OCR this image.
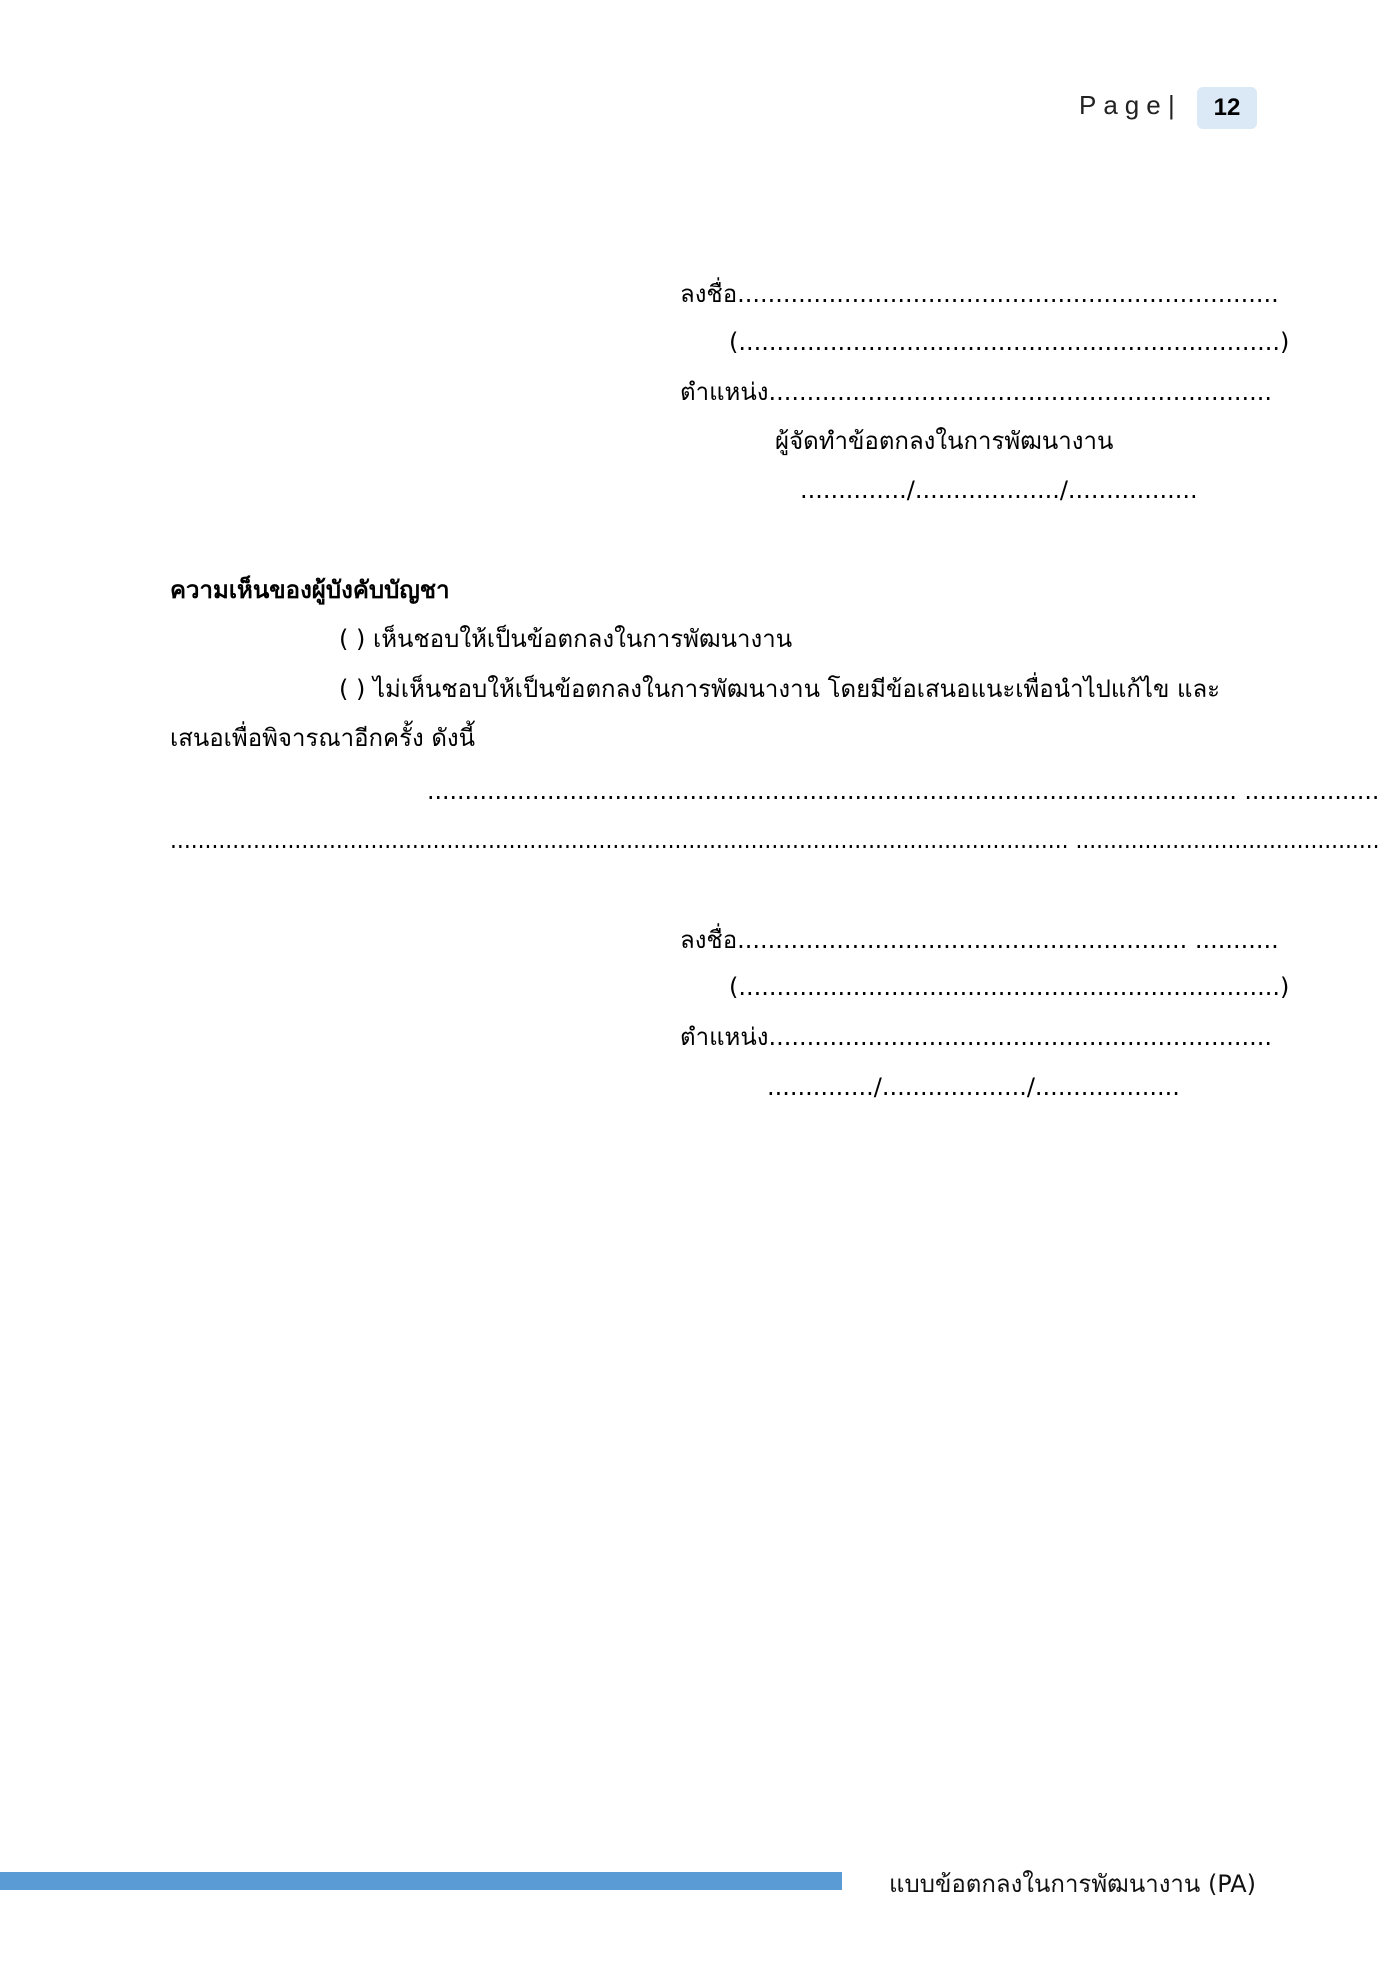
Page |	12
ลงชื่อ.......................................................................
(.......................................................................)
ตำแหน่ง..................................................................
ผู้จัดทำข้อตกลงในการพัฒนางาน
............../.................../.................
ความเห็นของผู้บังคับบัญชา
( ) เห็นชอบให้เป็นข้อตกลงในการพัฒนางาน
( ) ไม่เห็นชอบให้เป็นข้อตกลงในการพัฒนางาน โดยมีข้อเสนอแนะเพื่อนำไปแก้ไข และ
เสนอเพื่อพิจารณาอีกครั้ง ดังนี้
............................................................................................................ ..................
.................................................................................................................................. ............................................
ลงชื่อ........................................................... ...........
(.......................................................................)
ตำแหน่ง..................................................................
............../.................../...................
แบบข้อตกลงในการพัฒนางาน (PA)
